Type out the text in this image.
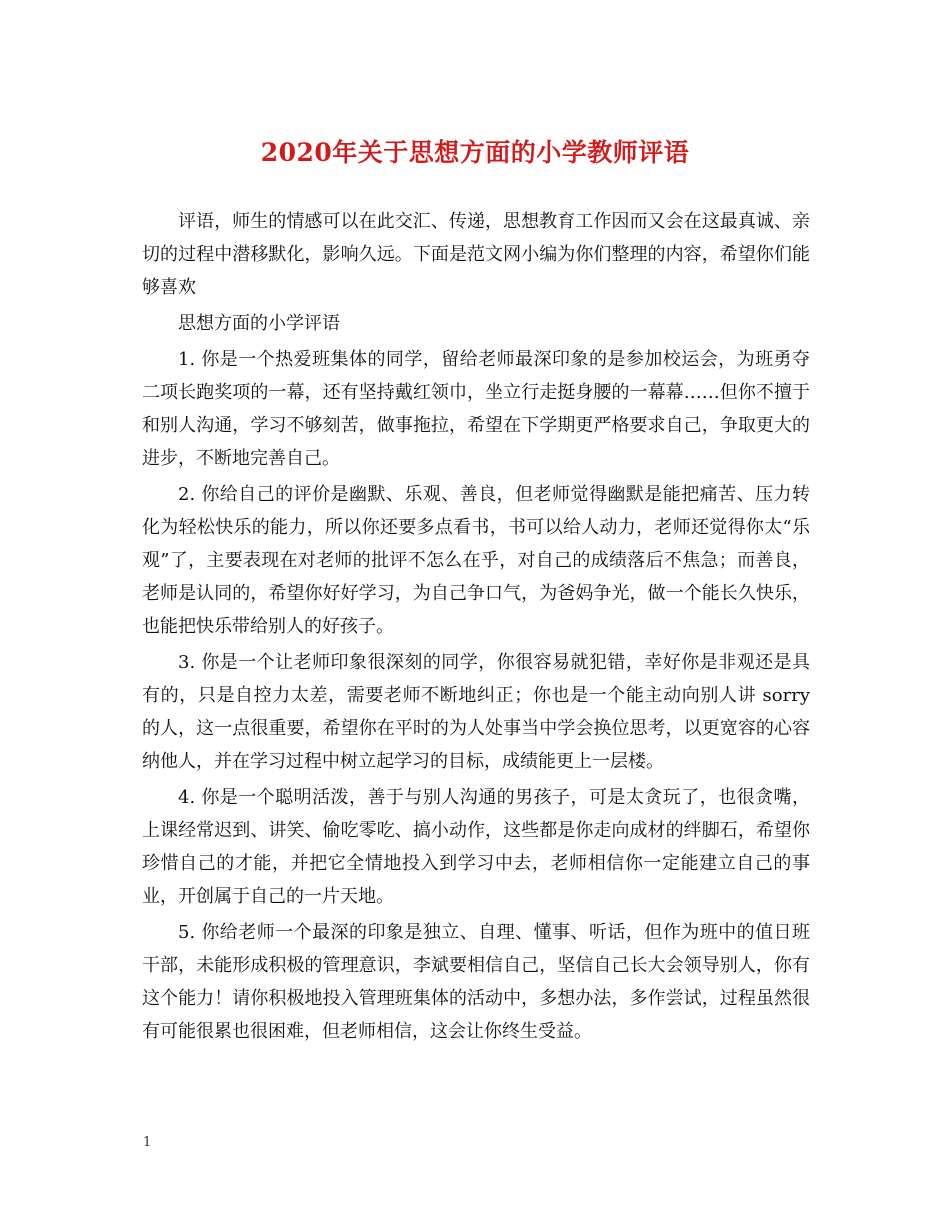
2020年关于思想方面的小学教师评语

评语，师生的情感可以在此交汇、传递，思想教育工作因而又会在这最真诚、亲切的过程中潜移默化，影响久远。下面是范文网小编为你们整理的内容，希望你们能够喜欢

思想方面的小学评语

1. 你是一个热爱班集体的同学，留给老师最深印象的是参加校运会，为班勇夺二项长跑奖项的一幕，还有坚持戴红领巾，坐立行走挺身腰的一幕幕……但你不擅于和别人沟通，学习不够刻苦，做事拖拉，希望在下学期更严格要求自己，争取更大的进步，不断地完善自己。

2. 你给自己的评价是幽默、乐观、善良，但老师觉得幽默是能把痛苦、压力转化为轻松快乐的能力，所以你还要多点看书，书可以给人动力，老师还觉得你太“乐观”了，主要表现在对老师的批评不怎么在乎，对自己的成绩落后不焦急；而善良，老师是认同的，希望你好好学习，为自己争口气，为爸妈争光，做一个能长久快乐，也能把快乐带给别人的好孩子。

3. 你是一个让老师印象很深刻的同学，你很容易就犯错，幸好你是非观还是具有的，只是自控力太差，需要老师不断地纠正；你也是一个能主动向别人讲 sorry 的人，这一点很重要，希望你在平时的为人处事当中学会换位思考，以更宽容的心容纳他人，并在学习过程中树立起学习的目标，成绩能更上一层楼。

4. 你是一个聪明活泼，善于与别人沟通的男孩子，可是太贪玩了，也很贪嘴，上课经常迟到、讲笑、偷吃零吃、搞小动作，这些都是你走向成材的绊脚石，希望你珍惜自己的才能，并把它全情地投入到学习中去，老师相信你一定能建立自己的事业，开创属于自己的一片天地。

5. 你给老师一个最深的印象是独立、自理、懂事、听话，但作为班中的值日班干部，未能形成积极的管理意识，李斌要相信自己，坚信自己长大会领导别人，你有这个能力！请你积极地投入管理班集体的活动中，多想办法，多作尝试，过程虽然很有可能很累也很困难，但老师相信，这会让你终生受益。

1
